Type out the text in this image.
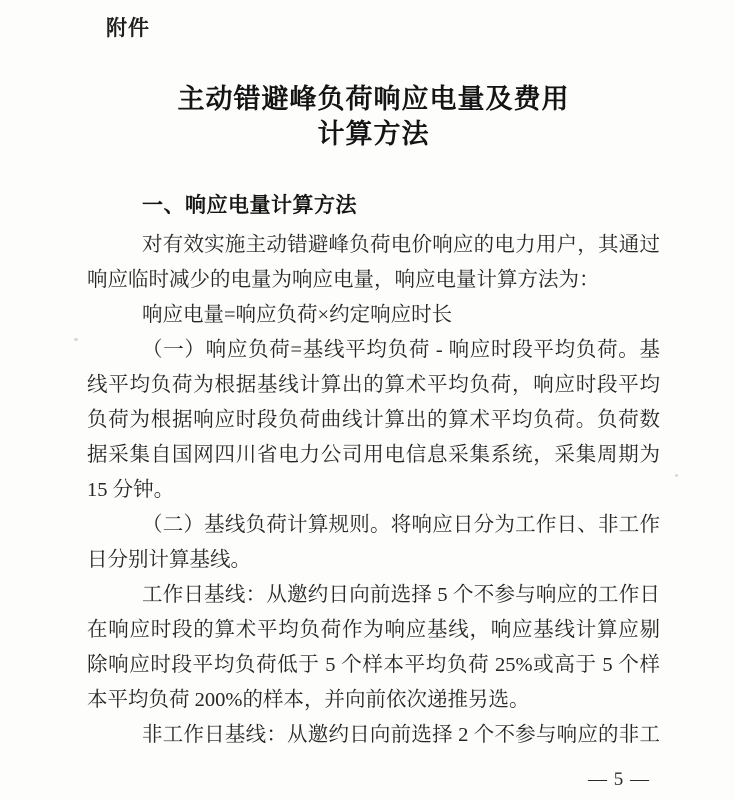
附件
主动错避峰负荷响应电量及费用
计算方法
一、响应电量计算方法
对有效实施主动错避峰负荷电价响应的电力用户，其通过
响应临时减少的电量为响应电量，响应电量计算方法为：
响应电量=响应负荷×约定响应时长
（一）响应负荷=基线平均负荷 - 响应时段平均负荷。基
线平均负荷为根据基线计算出的算术平均负荷，响应时段平均
负荷为根据响应时段负荷曲线计算出的算术平均负荷。负荷数
据采集自国网四川省电力公司用电信息采集系统，采集周期为
15 分钟。
（二）基线负荷计算规则。将响应日分为工作日、非工作
日分别计算基线。
工作日基线：从邀约日向前选择 5 个不参与响应的工作日
在响应时段的算术平均负荷作为响应基线，响应基线计算应剔
除响应时段平均负荷低于 5 个样本平均负荷 25%或高于 5 个样
本平均负荷 200%的样本，并向前依次递推另选。
非工作日基线：从邀约日向前选择 2 个不参与响应的非工
— 5 —
